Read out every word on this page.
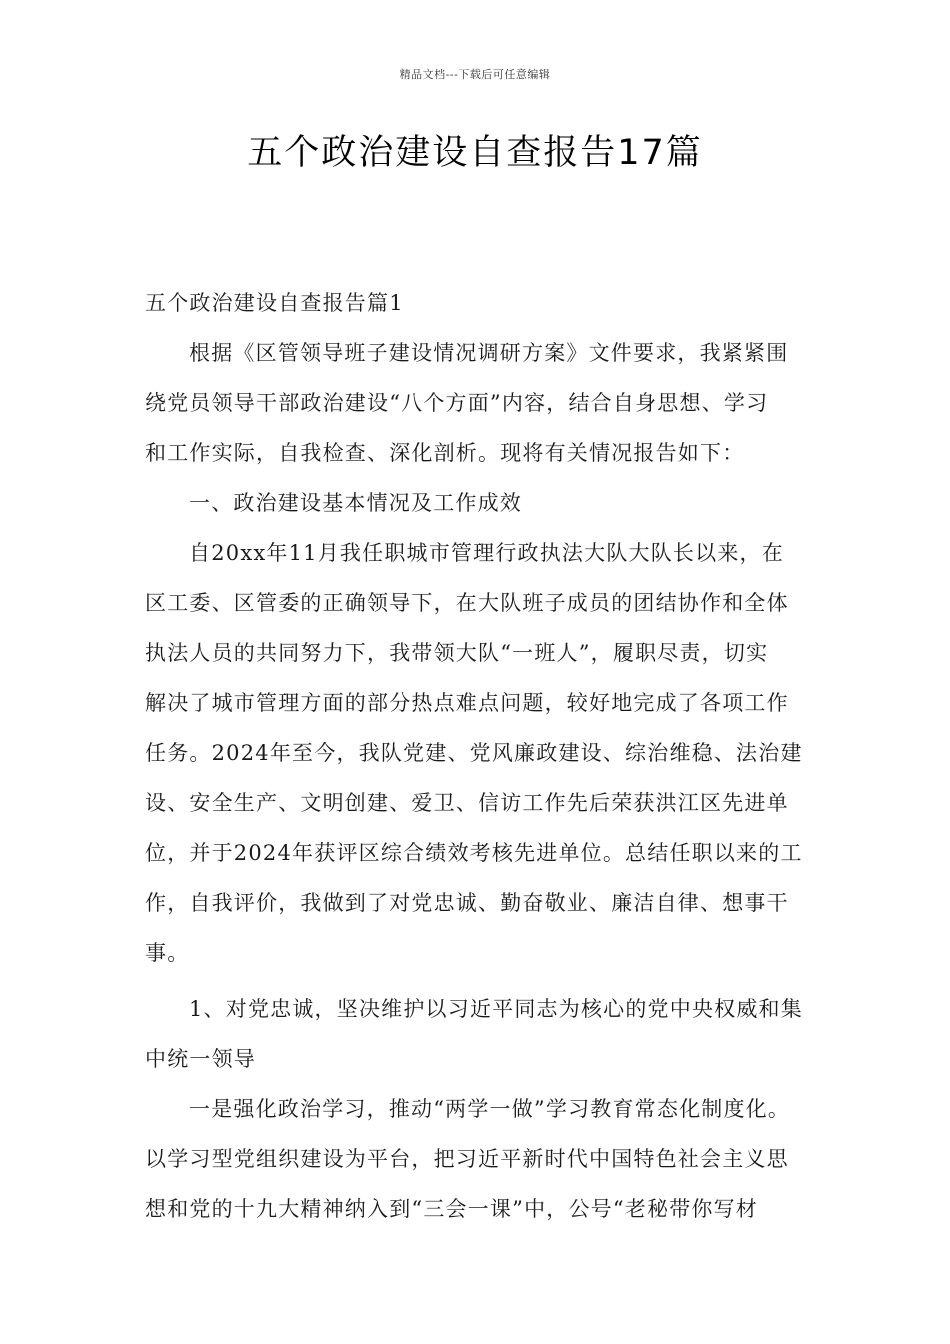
精品文档---下载后可任意编辑
五个政治建设自查报告17篇
五个政治建设自查报告篇1
根据《区管领导班子建设情况调研方案》文件要求，我紧紧围
绕党员领导干部政治建设“八个方面”内容，结合自身思想、学习
和工作实际，自我检查、深化剖析。现将有关情况报告如下：
一、政治建设基本情况及工作成效
自20xx年11月我任职城市管理行政执法大队大队长以来，在
区工委、区管委的正确领导下，在大队班子成员的团结协作和全体
执法人员的共同努力下，我带领大队“一班人”，履职尽责，切实
解决了城市管理方面的部分热点难点问题，较好地完成了各项工作
任务。2024年至今，我队党建、党风廉政建设、综治维稳、法治建
设、安全生产、文明创建、爱卫、信访工作先后荣获洪江区先进单
位，并于2024年获评区综合绩效考核先进单位。总结任职以来的工
作，自我评价，我做到了对党忠诚、勤奋敬业、廉洁自律、想事干
事。
1、对党忠诚，坚决维护以习近平同志为核心的党中央权威和集
中统一领导
一是强化政治学习，推动“两学一做”学习教育常态化制度化。
以学习型党组织建设为平台，把习近平新时代中国特色社会主义思
想和党的十九大精神纳入到“三会一课”中，公号“老秘带你写材
